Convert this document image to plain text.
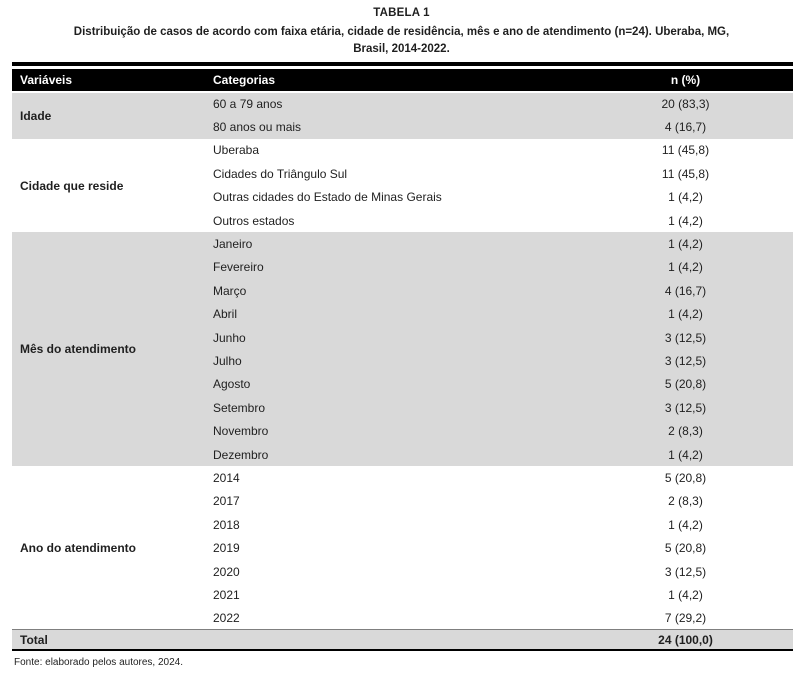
TABELA 1
Distribuição de casos de acordo com faixa etária, cidade de residência, mês e ano de atendimento (n=24). Uberaba, MG,
Brasil, 2014-2022.
Variáveis	Categorias	n (%)
Idade	60 a 79 anos	20 (83,3)
	80 anos ou mais	4 (16,7)
Cidade que reside	Uberaba	11 (45,8)
	Cidades do Triângulo Sul	11 (45,8)
	Outras cidades do Estado de Minas Gerais	1 (4,2)
	Outros estados	1 (4,2)
Mês do atendimento	Janeiro	1 (4,2)
	Fevereiro	1 (4,2)
	Março	4 (16,7)
	Abril	1 (4,2)
	Junho	3 (12,5)
	Julho	3 (12,5)
	Agosto	5 (20,8)
	Setembro	3 (12,5)
	Novembro	2 (8,3)
	Dezembro	1 (4,2)
Ano do atendimento	2014	5 (20,8)
	2017	2 (8,3)
	2018	1 (4,2)
	2019	5 (20,8)
	2020	3 (12,5)
	2021	1 (4,2)
	2022	7 (29,2)
Total		24 (100,0)
Fonte: elaborado pelos autores, 2024.
